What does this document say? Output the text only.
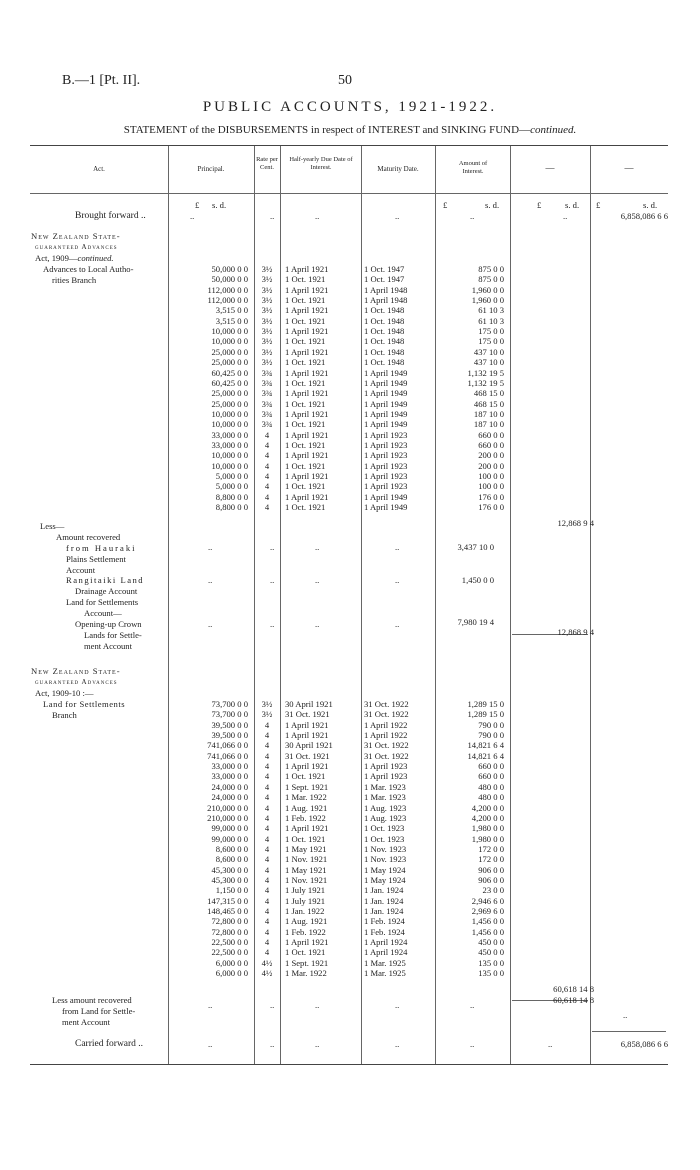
B.—1 [Pt. II].	50
PUBLIC ACCOUNTS, 1921-1922.
STATEMENT of the DISBURSEMENTS in respect of INTEREST and SINKING FUND—continued.
Act.	Principal.
Rate per Cent.
Half-yearly Due Date of Interest.	Maturity Date.
Amount of Interest.	—	—
£	s. d.	£	s. d. £	s. d.
£ s. d.
Brought forward ..	..	..	..	..	..	..	6,858,086 6 6
New Zealand State-
guaranteed Advances
Act, 1909—continued.
Advances to Local Autho-
rities Branch
50,000 0 0	3½	1 April 1921	1 Oct. 1947	875 0 0
50,000 0 0	3½	1 Oct. 1921	1 Oct. 1947	875 0 0
112,000 0 0	3½	1 April 1921	1 April 1948	1,960 0 0
112,000 0 0	3½	1 Oct. 1921	1 April 1948	1,960 0 0
3,515 0 0	3½	1 April 1921	1 Oct. 1948	61 10 3
3,515 0 0	3½	1 Oct. 1921	1 Oct. 1948	61 10 3
10,000 0 0	3½	1 April 1921	1 Oct. 1948	175 0 0
10,000 0 0	3½	1 Oct. 1921	1 Oct. 1948	175 0 0
25,000 0 0	3½	1 April 1921	1 Oct. 1948	437 10 0
25,000 0 0	3½	1 Oct. 1921	1 Oct. 1948	437 10 0
60,425 0 0	3¾	1 April 1921	1 April 1949	1,132 19 5
60,425 0 0	3¾	1 Oct. 1921	1 April 1949	1,132 19 5
25,000 0 0	3¾	1 April 1921	1 April 1949	468 15 0
25,000 0 0	3¾	1 Oct. 1921	1 April 1949	468 15 0
10,000 0 0	3¾	1 April 1921	1 April 1949	187 10 0
10,000 0 0	3¾	1 Oct. 1921	1 April 1949	187 10 0
33,000 0 0	4	1 April 1921	1 April 1923	660 0 0
33,000 0 0	4	1 Oct. 1921	1 April 1923	660 0 0
10,000 0 0	4	1 April 1921	1 April 1923	200 0 0
10,000 0 0	4	1 Oct. 1921	1 April 1923	200 0 0
5,000 0 0	4	1 April 1921	1 April 1923	100 0 0
5,000 0 0	4	1 Oct. 1921	1 April 1923	100 0 0
8,800 0 0	4	1 April 1921	1 April 1949	176 0 0
8,800 0 0	4	1 Oct. 1921	1 April 1949	176 0 0
12,868 9 4
Less—
Amount recovered
from Hauraki
Plains Settlement
Account
3,437 10 0
..	..	..	..
Rangitaiki Land
Drainage Account
1,450 0 0
..	..	..	..
Land for Settlements
Account—
Opening-up Crown
Lands for Settle-
ment Account
7,980 19 4
..	..	..	..
12,868 9 4
New Zealand State-
guaranteed Advances
Act, 1909-10 :—
Land for Settlements
Branch
73,700 0 0	3½	30 April 1921	31 Oct. 1922	1,289 15 0
73,700 0 0	3½	31 Oct. 1921	31 Oct. 1922	1,289 15 0
39,500 0 0	4	1 April 1921	1 April 1922	790 0 0
39,500 0 0	4	1 April 1921	1 April 1922	790 0 0
741,066 0 0	4	30 April 1921	31 Oct. 1922	14,821 6 4
741,066 0 0	4	31 Oct. 1921	31 Oct. 1922	14,821 6 4
33,000 0 0	4	1 April 1921	1 April 1923	660 0 0
33,000 0 0	4	1 Oct. 1921	1 April 1923	660 0 0
24,000 0 0	4	1 Sept. 1921	1 Mar. 1923	480 0 0
24,000 0 0	4	1 Mar. 1922	1 Mar. 1923	480 0 0
210,000 0 0	4	1 Aug. 1921	1 Aug. 1923	4,200 0 0
210,000 0 0	4	1 Feb. 1922	1 Aug. 1923	4,200 0 0
99,000 0 0	4	1 April 1921	1 Oct. 1923	1,980 0 0
99,000 0 0	4	1 Oct. 1921	1 Oct. 1923	1,980 0 0
8,600 0 0	4	1 May 1921	1 Nov. 1923	172 0 0
8,600 0 0	4	1 Nov. 1921	1 Nov. 1923	172 0 0
45,300 0 0	4	1 May 1921	1 May 1924	906 0 0
45,300 0 0	4	1 Nov. 1921	1 May 1924	906 0 0
1,150 0 0	4	1 July 1921	1 Jan. 1924	23 0 0
147,315 0 0	4	1 July 1921	1 Jan. 1924	2,946 6 0
148,465 0 0	4	1 Jan. 1922	1 Jan. 1924	2,969 6 0
72,800 0 0	4	1 Aug. 1921	1 Feb. 1924	1,456 0 0
72,800 0 0	4	1 Feb. 1922	1 Feb. 1924	1,456 0 0
22,500 0 0	4	1 April 1921	1 April 1924	450 0 0
22,500 0 0	4	1 Oct. 1921	1 April 1924	450 0 0
6,000 0 0	4½	1 Sept. 1921	1 Mar. 1925	135 0 0
6,000 0 0	4½	1 Mar. 1922	1 Mar. 1925	135 0 0
60,618 14 8
Less amount recovered
from Land for Settle-
ment Account
60,618 14 8
..	..	..	..	..
..
Carried forward ..	..	..	..	..	..	..	6,858,086 6 6
